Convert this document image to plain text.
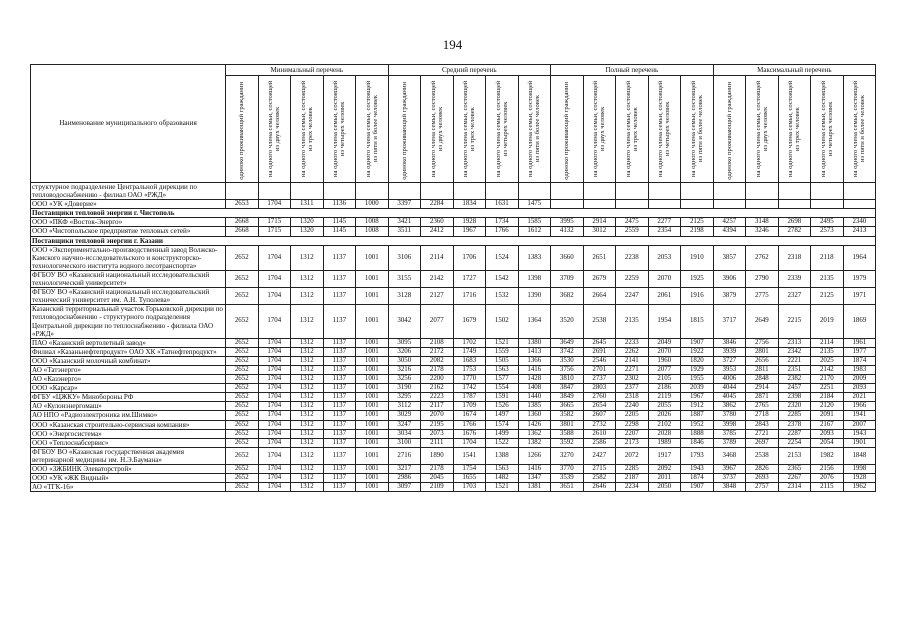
194
Наименование муниципального образования	Минимальный перечень					Средний перечень					Полный перечень					Максимальный перечень				

	одиноко проживающий гражданин	на одного члена семьи, состоящей из двух человек	на одного члена семьи, состоящей из трех человек	на одного члена семьи, состоящей из четырех человек	на одного члена семьи, состоящей из пяти и более человек	одиноко проживающий гражданин	на одного члена семьи, состоящей из двух человек	на одного члена семьи, состоящей из трех человек	на одного члена семьи, состоящей из четырех человек	на одного члена семьи, состоящей из пяти и более человек	одиноко проживающий гражданин	на одного члена семьи, состоящей из двух человек	на одного члена семьи, состоящей из трех человек	на одного члена семьи, состоящей из четырех человек	на одного члена семьи, состоящей из пяти и более человек	одиноко проживающий гражданин	на одного члена семьи, состоящей из двух человек	на одного члена семьи, состоящей из трех человек	на одного члена семьи, состоящей из четырех человек	на одного члена семьи, состоящей из пяти и более человек

структурное подразделение Центральной дирекции по тепловодоснабжению - филиал ОАО «РЖД»																				
ООО «УК «Доверие»	2653	1704	1311	1136	1000	3397	2284	1834	1631	1475										
Поставщики тепловой энергии г. Чистополь																				
ООО «ПКФ «Восток-Энерго»	2668	1715	1320	1145	1008	3421	2360	1928	1734	1585	3995	2914	2475	2277	2125	4257	3148	2698	2495	2340
ООО «Чистопольское предприятие тепловых сетей»	2668	1715	1320	1145	1008	3511	2412	1967	1766	1612	4132	3012	2559	2354	2198	4394	3246	2782	2573	2413
Поставщики тепловой энергии г. Казани																				
ООО «Экспериментально-производственный завод Волжско-Камского научно-исследовательского и конструкторско-технологического института водного лесотранспорта»	2652	1704	1312	1137	1001	3106	2114	1706	1524	1383	3660	2651	2238	2053	1910	3857	2762	2318	2118	1964
ФГБОУ ВО «Казанский национальный исследовательский технологический университет»	2652	1704	1312	1137	1001	3155	2142	1727	1542	1398	3709	2679	2259	2070	1925	3906	2790	2339	2135	1979
ФГБОУ ВО «Казанский национальный исследовательский технический университет им. А.Н. Туполева»	2652	1704	1312	1137	1001	3128	2127	1716	1532	1390	3682	2664	2247	2061	1916	3879	2775	2327	2125	1971
Казанский территориальный участок Горьковской дирекции по тепловодоснабжению - структурного подразделения Центральной дирекции по теплоснабжению - филиала ОАО «РЖД»	2652	1704	1312	1137	1001	3042	2077	1679	1502	1364	3520	2538	2135	1954	1815	3717	2649	2215	2019	1869
ПАО «Казанский вертолетный завод»	2652	1704	1312	1137	1001	3095	2108	1702	1521	1380	3649	2645	2233	2049	1907	3846	2756	2313	2114	1961
Филиал «Казаньнефтепродукт» ОАО ХК «Татнефтепродукт»	2652	1704	1312	1137	1001	3206	2172	1749	1559	1413	3742	2691	2262	2070	1922	3939	2801	2342	2135	1977
ООО «Казанский молочный комбинат»	2652	1704	1312	1137	1001	3050	2082	1683	1505	1366	3530	2546	2141	1960	1820	3727	2656	2221	2025	1874
АО «Татэнерго»	2652	1704	1312	1137	1001	3216	2178	1753	1563	1416	3756	2701	2271	2077	1929	3953	2811	2351	2142	1983
АО «Казэнерго»	2652	1704	1312	1137	1001	3256	2200	1770	1577	1428	3810	2737	2302	2105	1955	4006	2848	2382	2170	2009
ООО «Карсар»	2652	1704	1312	1137	1001	3190	2162	1742	1554	1408	3847	2803	2377	2186	2039	4044	2914	2457	2251	2093
ФГБУ «ЦЖКУ» Минобороны РФ	2652	1704	1312	1137	1001	3295	2223	1787	1591	1440	3849	2760	2318	2119	1967	4045	2871	2398	2184	2021
АО «Кулонэнергомаш»	2652	1704	1312	1137	1001	3112	2117	1709	1526	1385	3665	2654	2240	2055	1912	3862	2765	2320	2120	1966
АО НПО «Радиоэлектроника им.Шимко»	2652	1704	1312	1137	1001	3029	2070	1674	1497	1360	3582	2607	2205	2026	1887	3780	2718	2285	2091	1941
ООО «Казанская строительно-сервисная компания»	2652	1704	1312	1137	1001	3247	2195	1766	1574	1426	3801	2732	2298	2102	1952	3998	2843	2378	2167	2007
ООО «Энергосистема»	2652	1704	1312	1137	1001	3034	2073	1676	1499	1362	3588	2610	2207	2028	1888	3785	2721	2287	2093	1943
ООО «Теплоснабсервис»	2652	1704	1312	1137	1001	3100	2111	1704	1522	1382	3592	2586	2173	1989	1846	3789	2697	2254	2054	1901
ФГБОУ ВО «Казанская государственная академия ветеринарной медицины им. Н.Э.Баумана»	2652	1704	1312	1137	1001	2716	1890	1541	1388	1266	3270	2427	2072	1917	1793	3468	2538	2153	1982	1848
ООО «ЗЖБИНК Элеваторстрой»	2652	1704	1312	1137	1001	3217	2178	1754	1563	1416	3770	2715	2285	2092	1943	3967	2826	2365	2156	1998
ООО «УК «ЖК Видный»	2652	1704	1312	1137	1001	2986	2045	1655	1482	1347	3539	2582	2187	2011	1874	3737	2693	2267	2076	1928
АО «ТГК-16»	2652	1704	1312	1137	1001	3097	2109	1703	1521	1381	3651	2646	2234	2050	1907	3848	2757	2314	2115	1962
